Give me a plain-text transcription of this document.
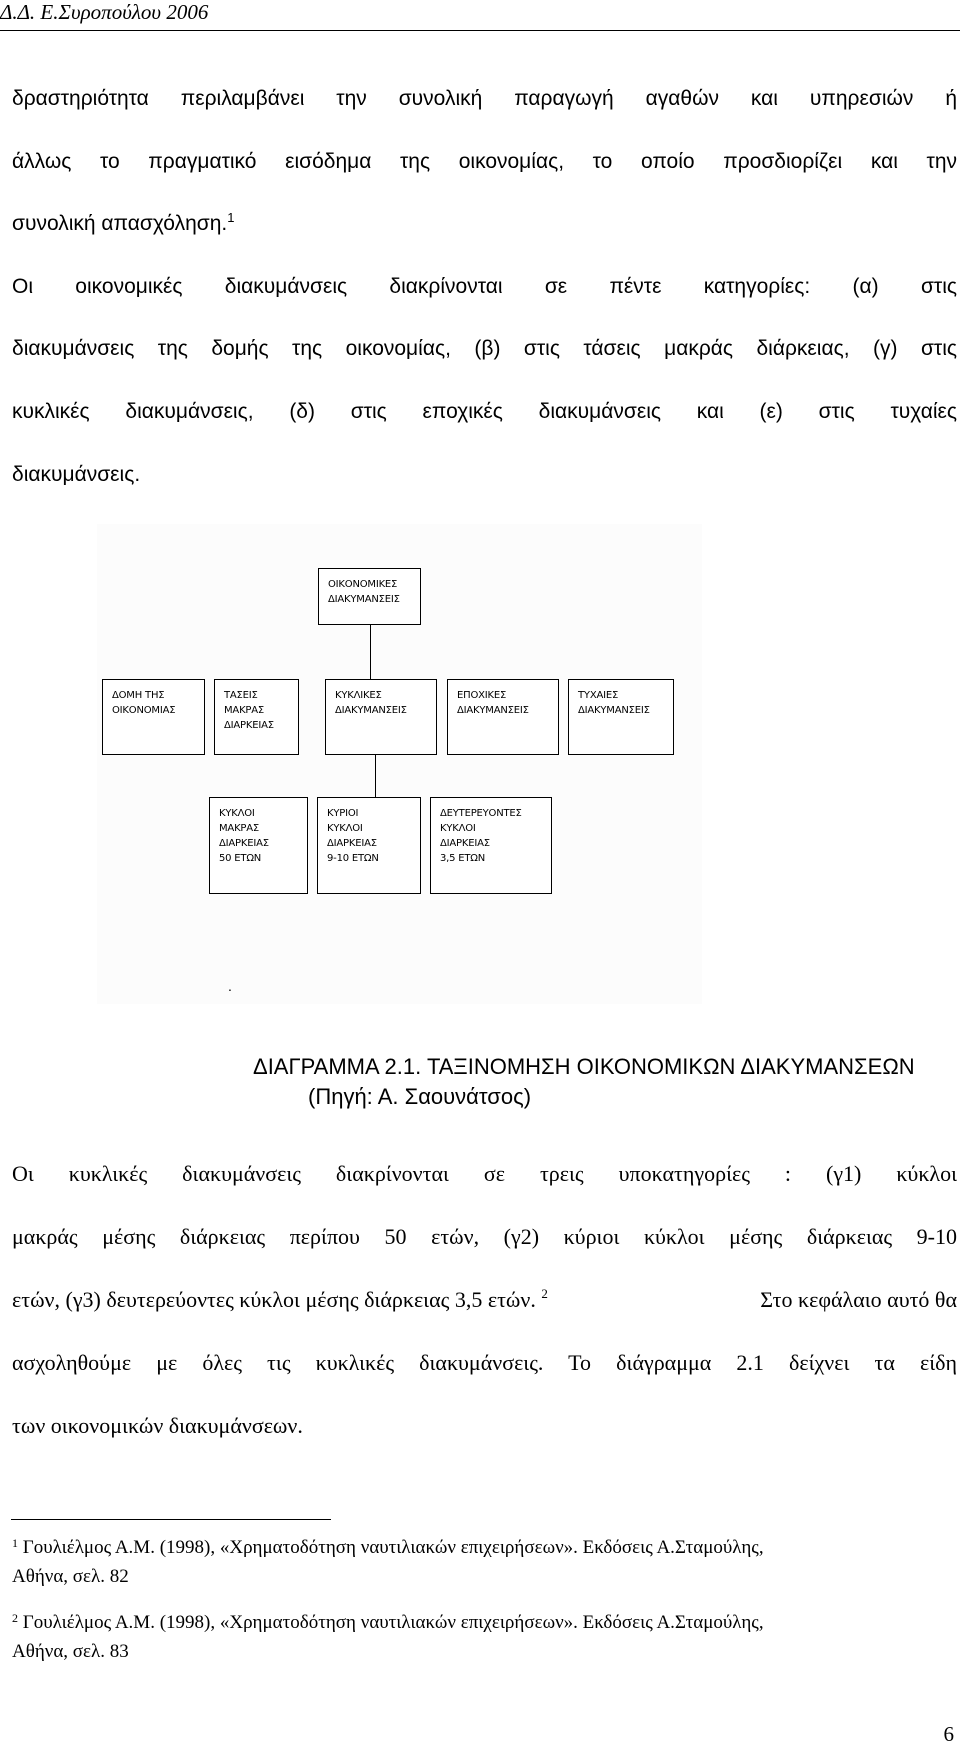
Δ.Δ. Ε.Συροπούλου 2006
δραστηριότητα περιλαμβάνει την συνολική παραγωγή αγαθών και υπηρεσιών ή
άλλως το πραγματικό εισόδημα της οικονομίας, το οποίο προσδιορίζει και την
συνολική απασχόληση.$^1$
Οι οικονομικές διακυμάνσεις διακρίνονται σε πέντε κατηγορίες: (α) στις
διακυμάνσεις της δομής της οικονομίας, (β) στις τάσεις μακράς διάρκειας, (γ) στις
κυκλικές διακυμάνσεις, (δ) στις εποχικές διακυμάνσεις και (ε) στις τυχαίες
διακυμάνσεις.
ΟΙΚΟΝΟΜΙΚΕΣ
ΔΙΑΚΥΜΑΝΣΕΙΣ
ΔΟΜΗ ΤΗΣ
ΟΙΚΟΝΟΜΙΑΣ
ΤΑΣΕΙΣ
ΜΑΚΡΑΣ
ΔΙΑΡΚΕΙΑΣ
ΚΥΚΛΙΚΕΣ
ΔΙΑΚΥΜΑΝΣΕΙΣ
ΕΠΟΧΙΚΕΣ
ΔΙΑΚΥΜΑΝΣΕΙΣ
ΤΥΧΑΙΕΣ
ΔΙΑΚΥΜΑΝΣΕΙΣ
ΚΥΚΛΟΙ
ΜΑΚΡΑΣ
ΔΙΑΡΚΕΙΑΣ
50 ΕΤΩΝ
ΚΥΡΙΟΙ
ΚΥΚΛΟΙ
ΔΙΑΡΚΕΙΑΣ
9-10 ΕΤΩΝ
ΔΕΥΤΕΡΕΥΟΝΤΕΣ
ΚΥΚΛΟΙ
ΔΙΑΡΚΕΙΑΣ
3,5 ΕΤΩΝ
.
ΔΙΑΓΡΑΜΜΑ 2.1. ΤΑΞΙΝΟΜΗΣΗ ΟΙΚΟΝΟΜΙΚΩΝ ΔΙΑΚΥΜΑΝΣΕΩΝ
(Πηγή: Α. Σαουνάτσος)
Οι κυκλικές διακυμάνσεις διακρίνονται σε τρεις υποκατηγορίες : (γ1) κύκλοι
μακράς μέσης διάρκειας περίπου 50 ετών, (γ2) κύριοι κύκλοι μέσης διάρκειας 9-10
ετών, (γ3) δευτερεύοντες κύκλοι μέσης διάρκειας 3,5 ετών. $^2$	Στο κεφάλαιο αυτό θα
ασχοληθούμε με όλες τις κυκλικές διακυμάνσεις. Το διάγραμμα 2.1 δείχνει τα είδη
των οικονομικών διακυμάνσεων.
$^1$ Γουλιέλμος Α.Μ. (1998), «Χρηματοδότηση ναυτιλιακών επιχειρήσεων». Εκδόσεις Α.Σταμούλης,
Αθήνα, σελ. 82
$^2$ Γουλιέλμος Α.Μ. (1998), «Χρηματοδότηση ναυτιλιακών επιχειρήσεων». Εκδόσεις Α.Σταμούλης,
Αθήνα, σελ. 83
6
